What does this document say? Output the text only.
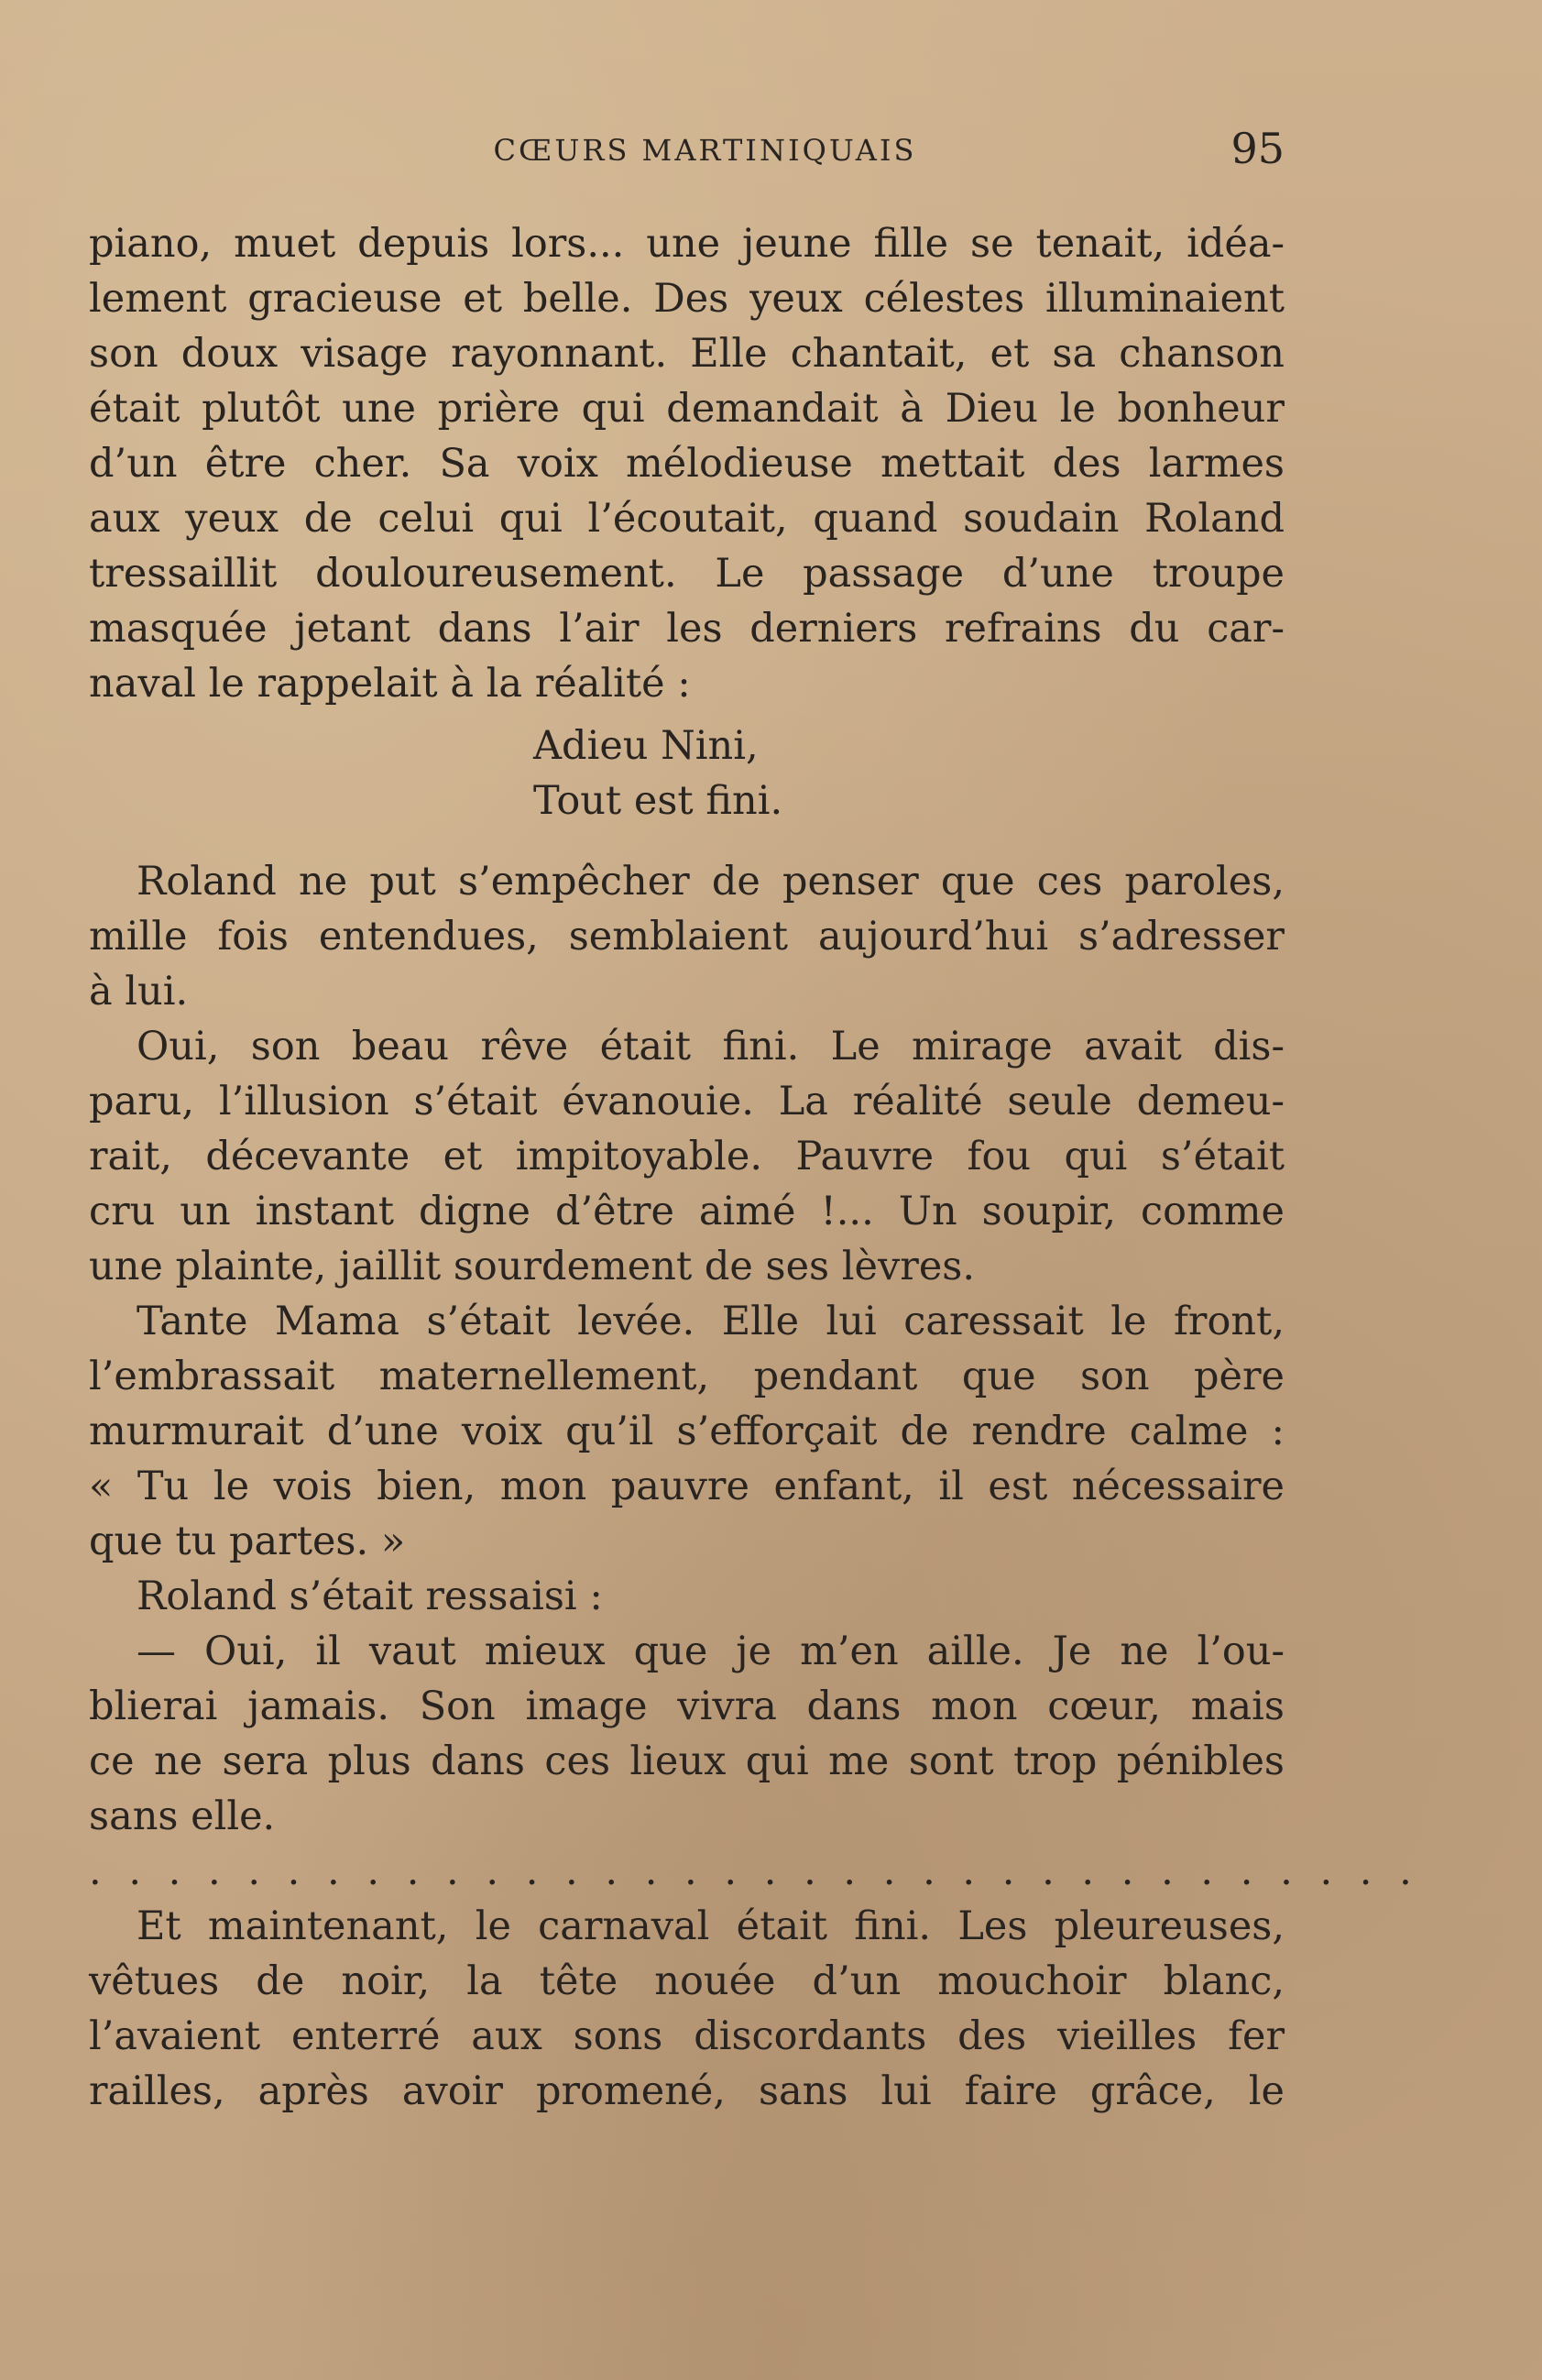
CŒURS MARTINIQUAIS	95
piano, muet depuis lors... une jeune fille se tenait, idéa-
lement gracieuse et belle. Des yeux célestes illuminaient
son doux visage rayonnant. Elle chantait, et sa chanson
était plutôt une prière qui demandait à Dieu le bonheur
d’un être cher. Sa voix mélodieuse mettait des larmes
aux yeux de celui qui l’écoutait, quand soudain Roland
tressaillit douloureusement. Le passage d’une troupe
masquée jetant dans l’air les derniers refrains du car-
naval le rappelait à la réalité :
Adieu Nini,
Tout est fini.
Roland ne put s’empêcher de penser que ces paroles,
mille fois entendues, semblaient aujourd’hui s’adresser
à lui.
Oui, son beau rêve était fini. Le mirage avait dis-
paru, l’illusion s’était évanouie. La réalité seule demeu-
rait, décevante et impitoyable. Pauvre fou qui s’était
cru un instant digne d’être aimé !... Un soupir, comme
une plainte, jaillit sourdement de ses lèvres.
Tante Mama s’était levée. Elle lui caressait le front,
l’embrassait maternellement, pendant que son père
murmurait d’une voix qu’il s’efforçait de rendre calme :
« Tu le vois bien, mon pauvre enfant, il est nécessaire
que tu partes. »
Roland s’était ressaisi :
— Oui, il vaut mieux que je m’en aille. Je ne l’ou-
blierai jamais. Son image vivra dans mon cœur, mais
ce ne sera plus dans ces lieux qui me sont trop pénibles
sans elle.
. . . . . . . . . . . . . . . . . . . . . . . . . . . . . . . . . .
Et maintenant, le carnaval était fini. Les pleureuses,
vêtues de noir, la tête nouée d’un mouchoir blanc,
l’avaient enterré aux sons discordants des vieilles fer
railles, après avoir promené, sans lui faire grâce, le
